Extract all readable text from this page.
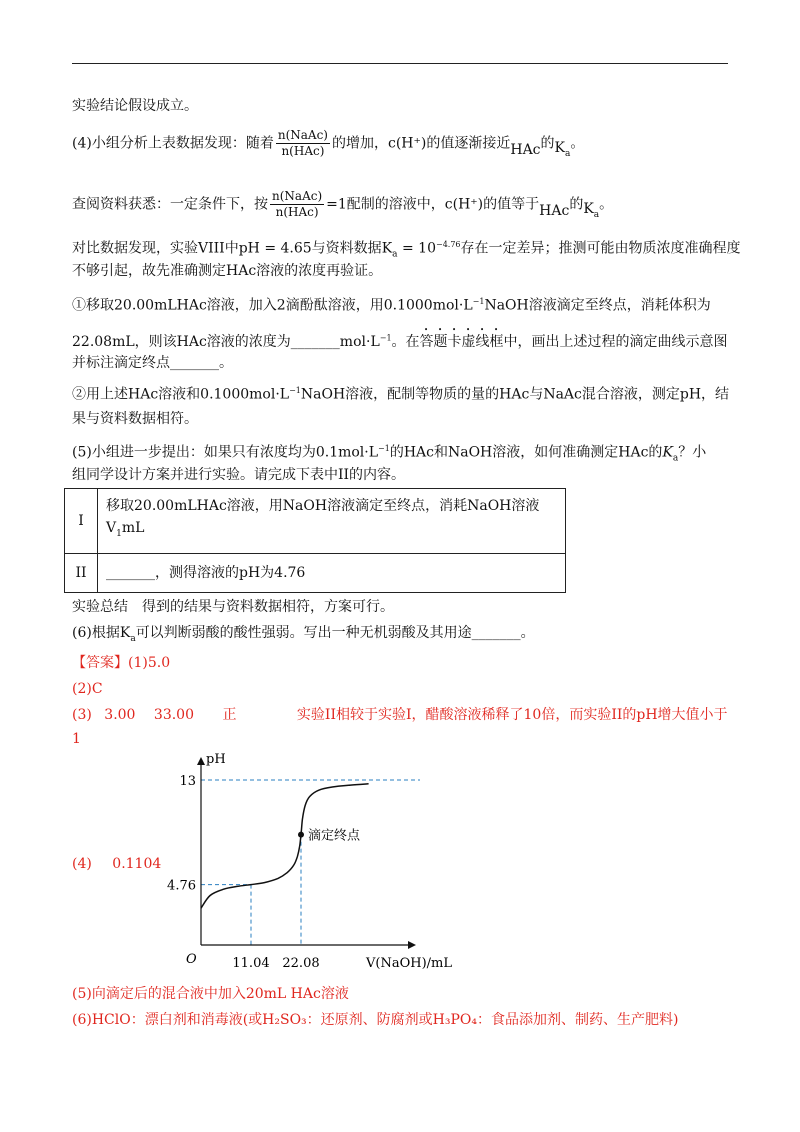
实验结论假设成立。
(4)小组分析上表数据发现：随着 $\frac{\text{n(NaAc)}}{\text{n(HAc)}}$ 的增加，c(H⁺)的值逐渐接近HAc的$K_a$。
查阅资料获悉：一定条件下，按 $\frac{\text{n(NaAc)}}{\text{n(HAc)}} =1$配制的溶液中，c(H⁺)的值等于HAc的$K_a$。
对比数据发现，实验VIII中pH = 4.65与资料数据$K_a = 10^{-4.76}$存在一定差异；推测可能由物质浓度准确程度
不够引起，故先准确测定HAc溶液的浓度再验证。
①移取20.00mLHAc溶液，加入2滴酚酞溶液，用$0.1000mol\cdot L^{-1}NaOH$溶液滴定至终点，消耗体积为
22.08mL，则该HAc溶液的浓度为$\_\_\_\_\_\_\_mol\cdot L^{-1}$。在答题卡虚线框中，画出上述过程的滴定曲线示意图
并标注滴定终点_______。
②用上述HAc溶液和$0.1000mol\cdot L^{-1}NaOH$溶液，配制等物质的量的HAc与NaAc混合溶液，测定pH，结
果与资料数据相符。
(5)小组进一步提出：如果只有浓度均为$0.1mol\cdot L^{-1}$的HAc和NaOH溶液，如何准确测定HAc的$K_a$？小
组同学设计方案并进行实验。请完成下表中II的内容。
I	移取20.00mLHAc溶液，用NaOH溶液滴定至终点，消耗NaOH溶液
$V_1mL$
II	_______，测得溶液的pH为4.76
实验总结　得到的结果与资料数据相符，方案可行。
(6)根据$K_a$可以判断弱酸的酸性强弱。写出一种无机弱酸及其用途_______。
【答案】(1)5.0
(2)C
(3) 3.00 33.00 正	实验II相较于实验I，醋酸溶液稀释了10倍，而实验II的pH增大值小于
1
(4) 0.1104
pH
V(NaOH)/mL
O
滴定终点
11.04 22.08
4.76
13
(5)向滴定后的混合液中加入20mL HAc溶液
(6)HClO：漂白剂和消毒液(或H₂SO₃：还原剂、防腐剂或H₃PO₄：食品添加剂、制药、生产肥料)
